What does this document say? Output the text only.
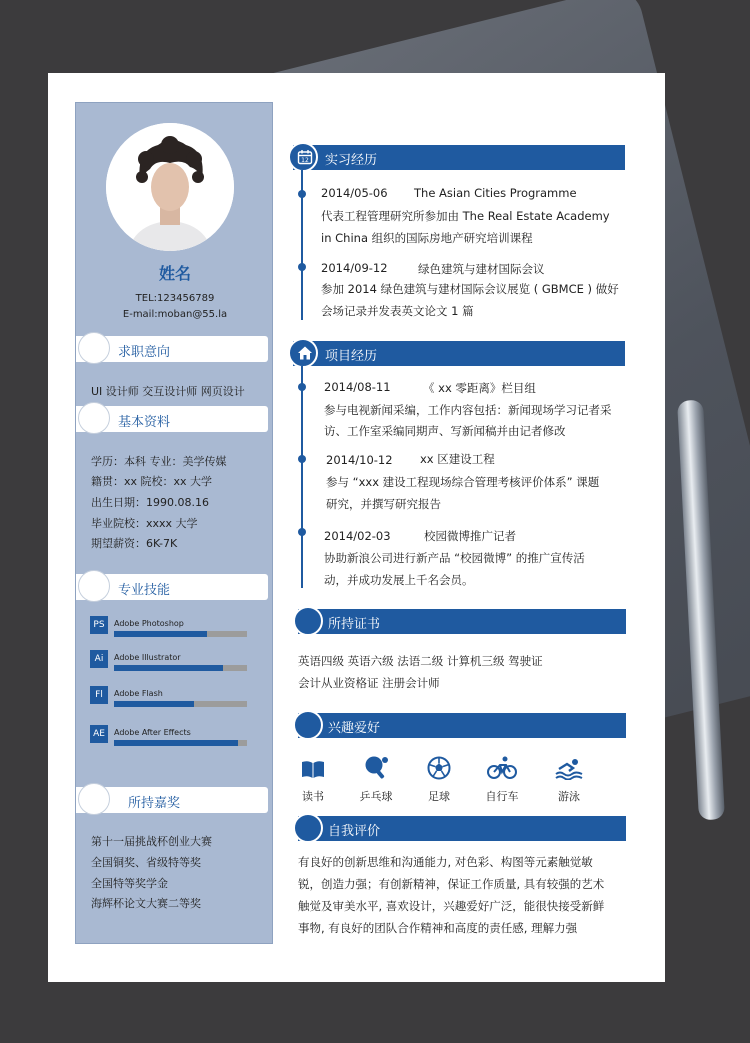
姓名
TEL:123456789
E-mail:moban@55.la
求职意向
UI 设计师 交互设计师 网页设计
基本资料
学历：本科 专业：美学传媒
籍贯：xx 院校：xx 大学
出生日期：1990.08.16
毕业院校：xxxx 大学
期望薪资：6K-7K
专业技能
PS	Adobe Photoshop
Ai	Adobe Illustrator
Fl	Adobe Flash
AE	Adobe After Effects
所持嘉奖
第十一届挑战杯创业大赛
全国铜奖、省级特等奖
全国特等奖学金
海辉杯论文大赛二等奖
12 实习经历
2014/05-06 The Asian Cities Programme
代表工程管理研究所参加由 The Real Estate Academy
in China 组织的国际房地产研究培训课程
2014/09-12	绿色建筑与建材国际会议
参加 2014 绿色建筑与建材国际会议展览 ( GBMCE ) 做好
会场记录并发表英文论文 1 篇
项目经历
2014/08-11	《 xx 零距离》栏目组
参与电视新闻采编，工作内容包括：新闻现场学习记者采
访、工作室采编同期声、写新闻稿并由记者修改
2014/10-12 xx 区建设工程
参与 “xxx 建设工程现场综合管理考核评价体系” 课题
研究，并撰写研究报告
2014/02-03	校园微博推广记者
协助新浪公司进行新产品 “校园微博” 的推广宣传活
动，并成功发展上千名会员。
所持证书
英语四级 英语六级 法语二级 计算机三级 驾驶证
会计从业资格证 注册会计师
兴趣爱好
读书	乒乓球	足球	自行车	游泳
自我评价
有良好的创新思维和沟通能力, 对色彩、构图等元素触觉敏
锐，创造力强；有创新精神，保证工作质量, 具有较强的艺术
触觉及审美水平, 喜欢设计，兴趣爱好广泛，能很快接受新鲜
事物, 有良好的团队合作精神和高度的责任感, 理解力强
